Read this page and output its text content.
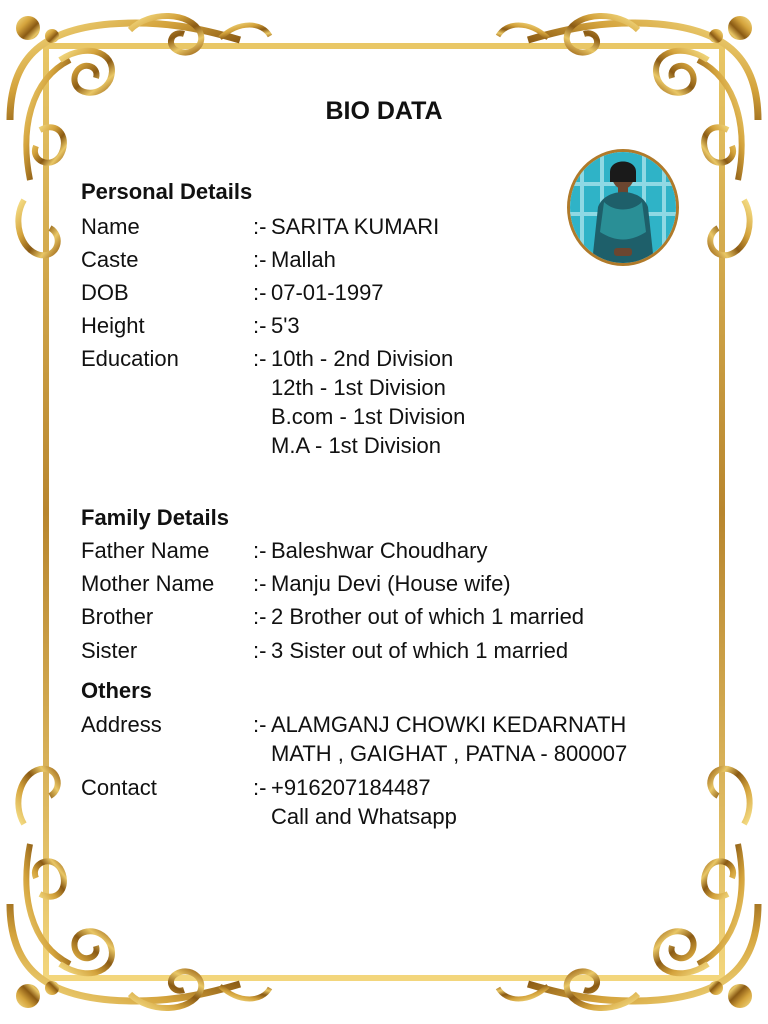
BIO DATA
Personal Details
Name	:- SARITA KUMARI
Caste	:- Mallah
DOB	:- 07-01-1997
Height	:- 5'3
Education	:- 10th - 2nd Division
12th - 1st Division
B.com - 1st Division
M.A - 1st Division
Family Details
Father Name :- Baleshwar Choudhary
Mother Name :- Manju Devi (House wife)
Brother	:- 2 Brother out of which 1 married
Sister	:- 3 Sister out of which 1 married
Others
Address	:- ALAMGANJ CHOWKI KEDARNATH
MATH , GAIGHAT , PATNA - 800007
Contact	:- +916207184487
Call and Whatsapp
